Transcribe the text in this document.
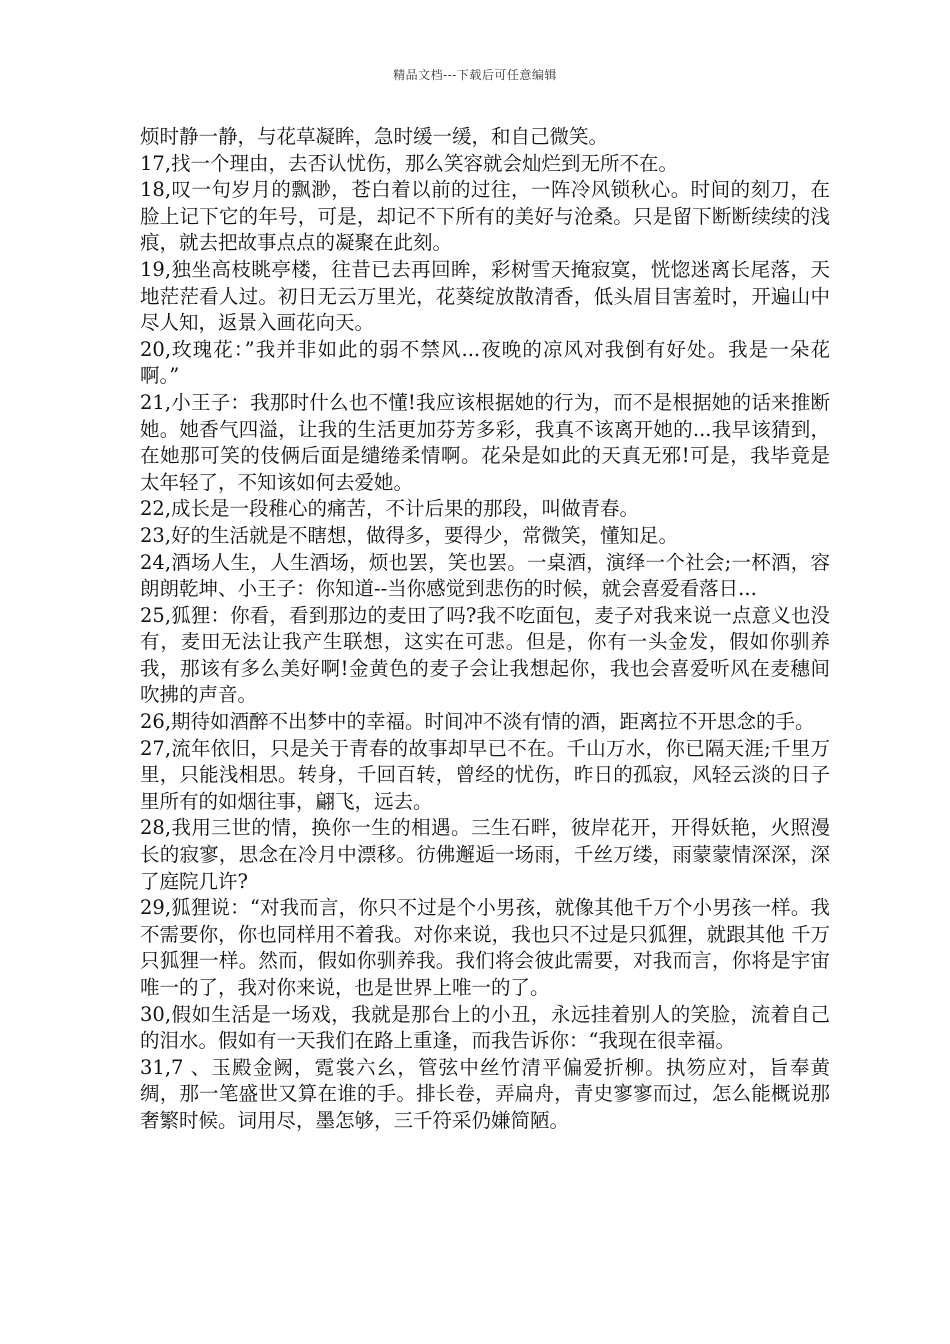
精品文档---下载后可任意编辑

烦时静一静，与花草凝眸，急时缓一缓，和自己微笑。

17,找一个理由，去否认忧伤，那么笑容就会灿烂到无所不在。

18,叹一句岁月的飘渺，苍白着以前的过往，一阵冷风锁秋心。时间的刻刀，在脸上记下它的年号，可是，却记不下所有的美好与沧桑。只是留下断断续续的浅痕，就去把故事点点的凝聚在此刻。

19,独坐高枝眺亭楼，往昔已去再回眸，彩树雪天掩寂寞，恍惚迷离长尾落，天地茫茫看人过。初日无云万里光，花葵绽放散清香，低头眉目害羞时，开遍山中尽人知，返景入画花向天。

20,玫瑰花：”我并非如此的弱不禁风...夜晚的凉风对我倒有好处。我是一朵花啊。”

21,小王子：我那时什么也不懂!我应该根据她的行为，而不是根据她的话来推断她。她香气四溢，让我的生活更加芬芳多彩，我真不该离开她的...我早该猜到，在她那可笑的伎俩后面是缱绻柔情啊。花朵是如此的天真无邪!可是，我毕竟是太年轻了，不知该如何去爱她。

22,成长是一段稚心的痛苦，不计后果的那段，叫做青春。

23,好的生活就是不瞎想，做得多，要得少，常微笑，懂知足。

24,酒场人生，人生酒场，烦也罢，笑也罢。一桌酒，演绎一个社会;一杯酒，容朗朗乾坤、小王子：你知道--当你感觉到悲伤的时候，就会喜爱看落日...

25,狐狸：你看，看到那边的麦田了吗?我不吃面包，麦子对我来说一点意义也没有，麦田无法让我产生联想，这实在可悲。但是，你有一头金发，假如你驯养我，那该有多么美好啊!金黄色的麦子会让我想起你，我也会喜爱听风在麦穗间吹拂的声音。

26,期待如酒醉不出梦中的幸福。时间冲不淡有情的酒，距离拉不开思念的手。

27,流年依旧，只是关于青春的故事却早已不在。千山万水，你已隔天涯;千里万里，只能浅相思。转身，千回百转，曾经的忧伤，昨日的孤寂，风轻云淡的日子里所有的如烟往事，翩飞，远去。

28,我用三世的情，换你一生的相遇。三生石畔，彼岸花开，开得妖艳，火照漫长的寂寥，思念在冷月中漂移。彷佛邂逅一场雨，千丝万缕，雨蒙蒙情深深，深了庭院几许?

29,狐狸说：“对我而言，你只不过是个小男孩，就像其他千万个小男孩一样。我不需要你，你也同样用不着我。对你来说，我也只不过是只狐狸，就跟其他 千万只狐狸一样。然而，假如你驯养我。我们将会彼此需要，对我而言，你将是宇宙唯一的了，我对你来说，也是世界上唯一的了。

30,假如生活是一场戏，我就是那台上的小丑，永远挂着别人的笑脸，流着自己的泪水。假如有一天我们在路上重逢，而我告诉你：“我现在很幸福。

31,7 、玉殿金阙，霓裳六幺，管弦中丝竹清平偏爱折柳。执笏应对，旨奉黄绸，那一笔盛世又算在谁的手。排长卷，弄扁舟，青史寥寥而过，怎么能概说那奢繁时候。词用尽，墨怎够，三千符采仍嫌简陋。
